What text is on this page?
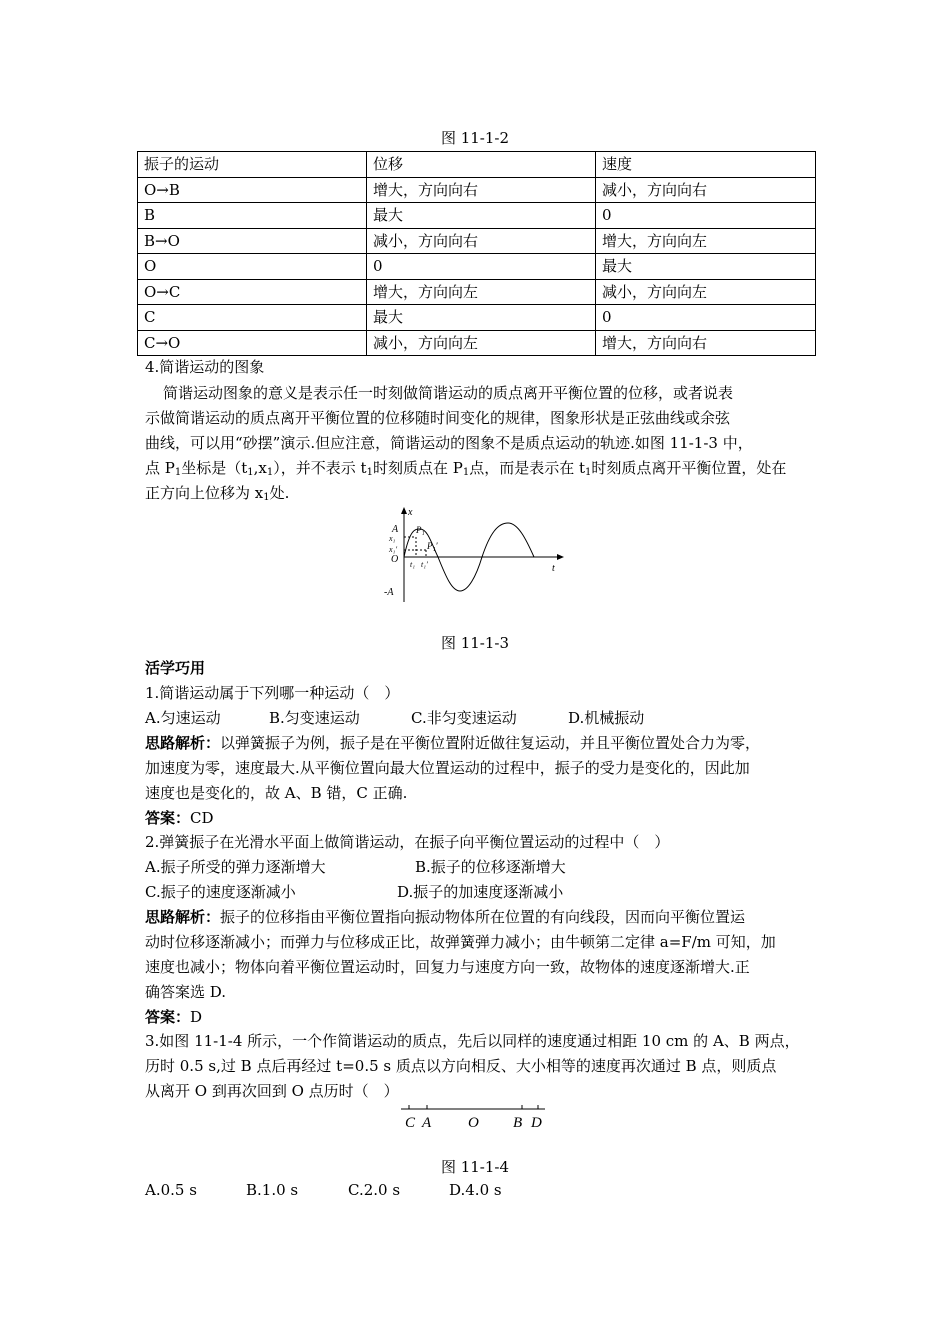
图 11-1-2
振子的运动	位移	速度
O→B	增大，方向向右	减小，方向向右
B	最大	0
B→O	减小，方向向右	增大，方向向左
O	0	最大
O→C	增大，方向向左	减小，方向向左
C	最大	0
C→O	减小，方向向左	增大，方向向右
4.简谐运动的图象
简谐运动图象的意义是表示任一时刻做简谐运动的质点离开平衡位置的位移，或者说表
示做简谐运动的质点离开平衡位置的位移随时间变化的规律，图象形状是正弦曲线或余弦
曲线，可以用“砂摆”演示.但应注意，简谐运动的图象不是质点运动的轨迹.如图 11-1-3 中，
点 $P_1$坐标是$(t_1,x_1)$，并不表示 $t_1$时刻质点在 $P_1$点，而是表示在 $t_1$时刻质点离开平衡位置，处在
正方向上位移为 $x_1$处.
x
t
A
-A
O
x₁
x₁′
P₁
P₁′
t₁ t₁′
图 11-1-3
活学巧用
1.简谐运动属于下列哪一种运动（　）
A.匀速运动	B.匀变速运动	C.非匀变速运动	D.机械振动
思路解析：以弹簧振子为例，振子是在平衡位置附近做往复运动，并且平衡位置处合力为零，
加速度为零，速度最大.从平衡位置向最大位置运动的过程中，振子的受力是变化的，因此加
速度也是变化的，故 A、B 错，C 正确.
答案：CD
2.弹簧振子在光滑水平面上做简谐运动，在振子向平衡位置运动的过程中（　）
A.振子所受的弹力逐渐增大	B.振子的位移逐渐增大
C.振子的速度逐渐减小	D.振子的加速度逐渐减小
思路解析：振子的位移指由平衡位置指向振动物体所在位置的有向线段，因而向平衡位置运
动时位移逐渐减小；而弹力与位移成正比，故弹簧弹力减小；由牛顿第二定律 a=F/m 可知，加
速度也减小；物体向着平衡位置运动时，回复力与速度方向一致，故物体的速度逐渐增大.正
确答案选 D.
答案：D
3.如图 11-1-4 所示，一个作简谐运动的质点，先后以同样的速度通过相距 10 cm 的 A、B 两点，
历时 0.5 s,过 B 点后再经过 t=0.5 s 质点以方向相反、大小相等的速度再次通过 B 点，则质点
从离开 O 到再次回到 O 点历时（　）
C A O B D
图 11-1-4
A.0.5 s	B.1.0 s	C.2.0 s	D.4.0 s
